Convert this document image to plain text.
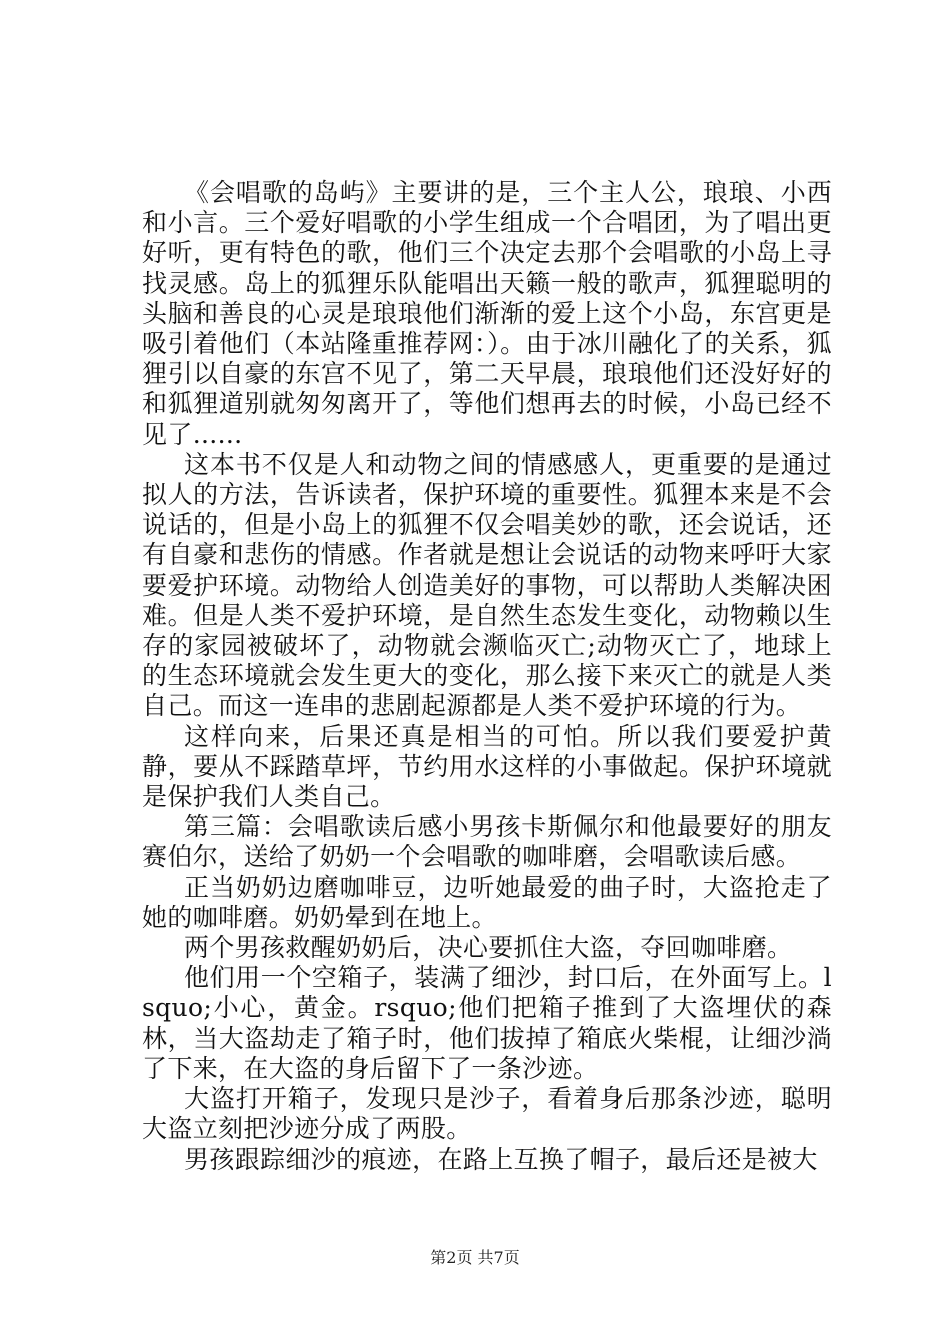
《会唱歌的岛屿》主要讲的是，三个主人公，琅琅、小西和小言。三个爱好唱歌的小学生组成一个合唱团，为了唱出更好听，更有特色的歌，他们三个决定去那个会唱歌的小岛上寻找灵感。岛上的狐狸乐队能唱出天籁一般的歌声，狐狸聪明的头脑和善良的心灵是琅琅他们渐渐的爱上这个小岛，东宫更是吸引着他们（本站隆重推荐网：）。由于冰川融化了的关系，狐狸引以自豪的东宫不见了，第二天早晨，琅琅他们还没好好的和狐狸道别就匆匆离开了，等他们想再去的时候，小岛已经不见了......

这本书不仅是人和动物之间的情感感人，更重要的是通过拟人的方法，告诉读者，保护环境的重要性。狐狸本来是不会说话的，但是小岛上的狐狸不仅会唱美妙的歌，还会说话，还有自豪和悲伤的情感。作者就是想让会说话的动物来呼吁大家要爱护环境。动物给人创造美好的事物，可以帮助人类解决困难。但是人类不爱护环境，是自然生态发生变化，动物赖以生存的家园被破坏了，动物就会濒临灭亡;动物灭亡了，地球上的生态环境就会发生更大的变化，那么接下来灭亡的就是人类自己。而这一连串的悲剧起源都是人类不爱护环境的行为。

这样向来，后果还真是相当的可怕。所以我们要爱护黄静，要从不踩踏草坪，节约用水这样的小事做起。保护环境就是保护我们人类自己。

第三篇：会唱歌读后感小男孩卡斯佩尔和他最要好的朋友赛伯尔，送给了奶奶一个会唱歌的咖啡磨，会唱歌读后感。

正当奶奶边磨咖啡豆，边听她最爱的曲子时，大盗抢走了她的咖啡磨。奶奶晕到在地上。

两个男孩救醒奶奶后，决心要抓住大盗，夺回咖啡磨。

他们用一个空箱子，装满了细沙，封口后，在外面写上。lsquo;小心，黄金。rsquo;他们把箱子推到了大盗埋伏的森林，当大盗劫走了箱子时，他们拔掉了箱底火柴棍，让细沙淌了下来，在大盗的身后留下了一条沙迹。

大盗打开箱子，发现只是沙子，看着身后那条沙迹，聪明大盗立刻把沙迹分成了两股。

男孩跟踪细沙的痕迹，在路上互换了帽子，最后还是被大

第2页 共7页
